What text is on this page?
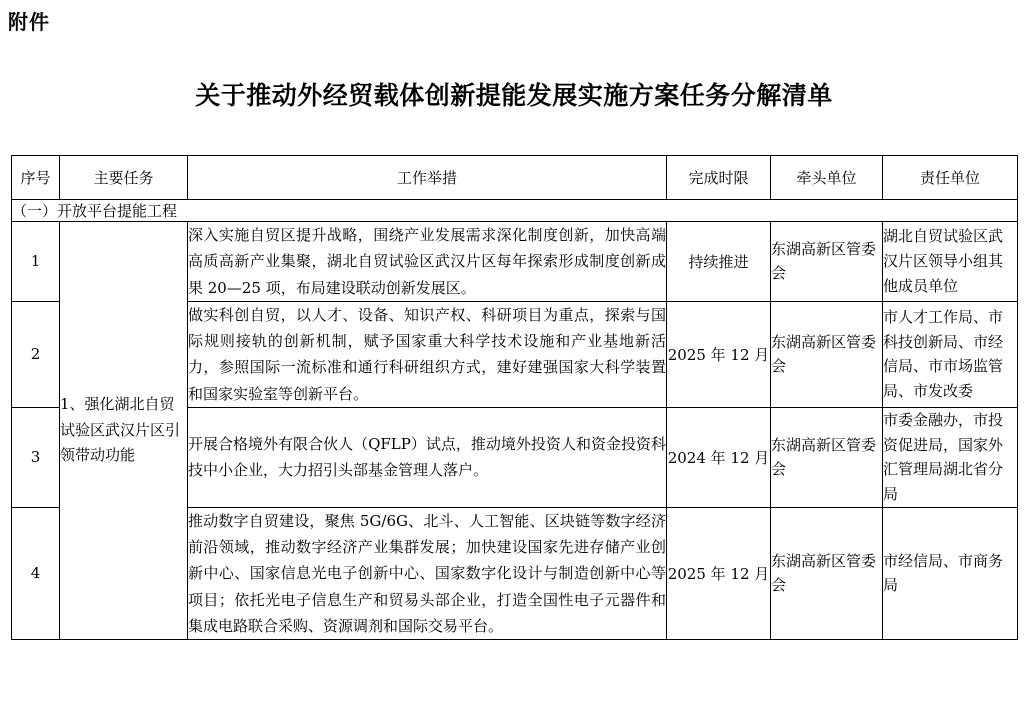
附件
关于推动外经贸载体创新提能发展实施方案任务分解清单
序号	主要任务	工作举措	完成时限	牵头单位	责任单位
（一）开放平台提能工程					
1	1、强化湖北自贸试验区武汉片区引领带动功能	深入实施自贸区提升战略，围绕产业发展需求深化制度创新，加快高端高质高新产业集聚，湖北自贸试验区武汉片区每年探索形成制度创新成果 20—25 项，布局建设联动创新发展区。	持续推进	东湖高新区管委会	湖北自贸试验区武汉片区领导小组其他成员单位
2		做实科创自贸，以人才、设备、知识产权、科研项目为重点，探索与国际规则接轨的创新机制，赋予国家重大科学技术设施和产业基地新活力，参照国际一流标准和通行科研组织方式，建好建强国家大科学装置和国家实验室等创新平台。	2025 年 12 月	东湖高新区管委会	市人才工作局、市科技创新局、市经信局、市市场监管局、市发改委
3		开展合格境外有限合伙人（QFLP）试点，推动境外投资人和资金投资科技中小企业，大力招引头部基金管理人落户。	2024 年 12 月	东湖高新区管委会	市委金融办，市投资促进局，国家外汇管理局湖北省分局
4		推动数字自贸建设，聚焦 5G/6G、北斗、人工智能、区块链等数字经济前沿领域，推动数字经济产业集群发展；加快建设国家先进存储产业创新中心、国家信息光电子创新中心、国家数字化设计与制造创新中心等项目；依托光电子信息生产和贸易头部企业，打造全国性电子元器件和集成电路联合采购、资源调剂和国际交易平台。	2025 年 12 月	东湖高新区管委会	市经信局、市商务局
